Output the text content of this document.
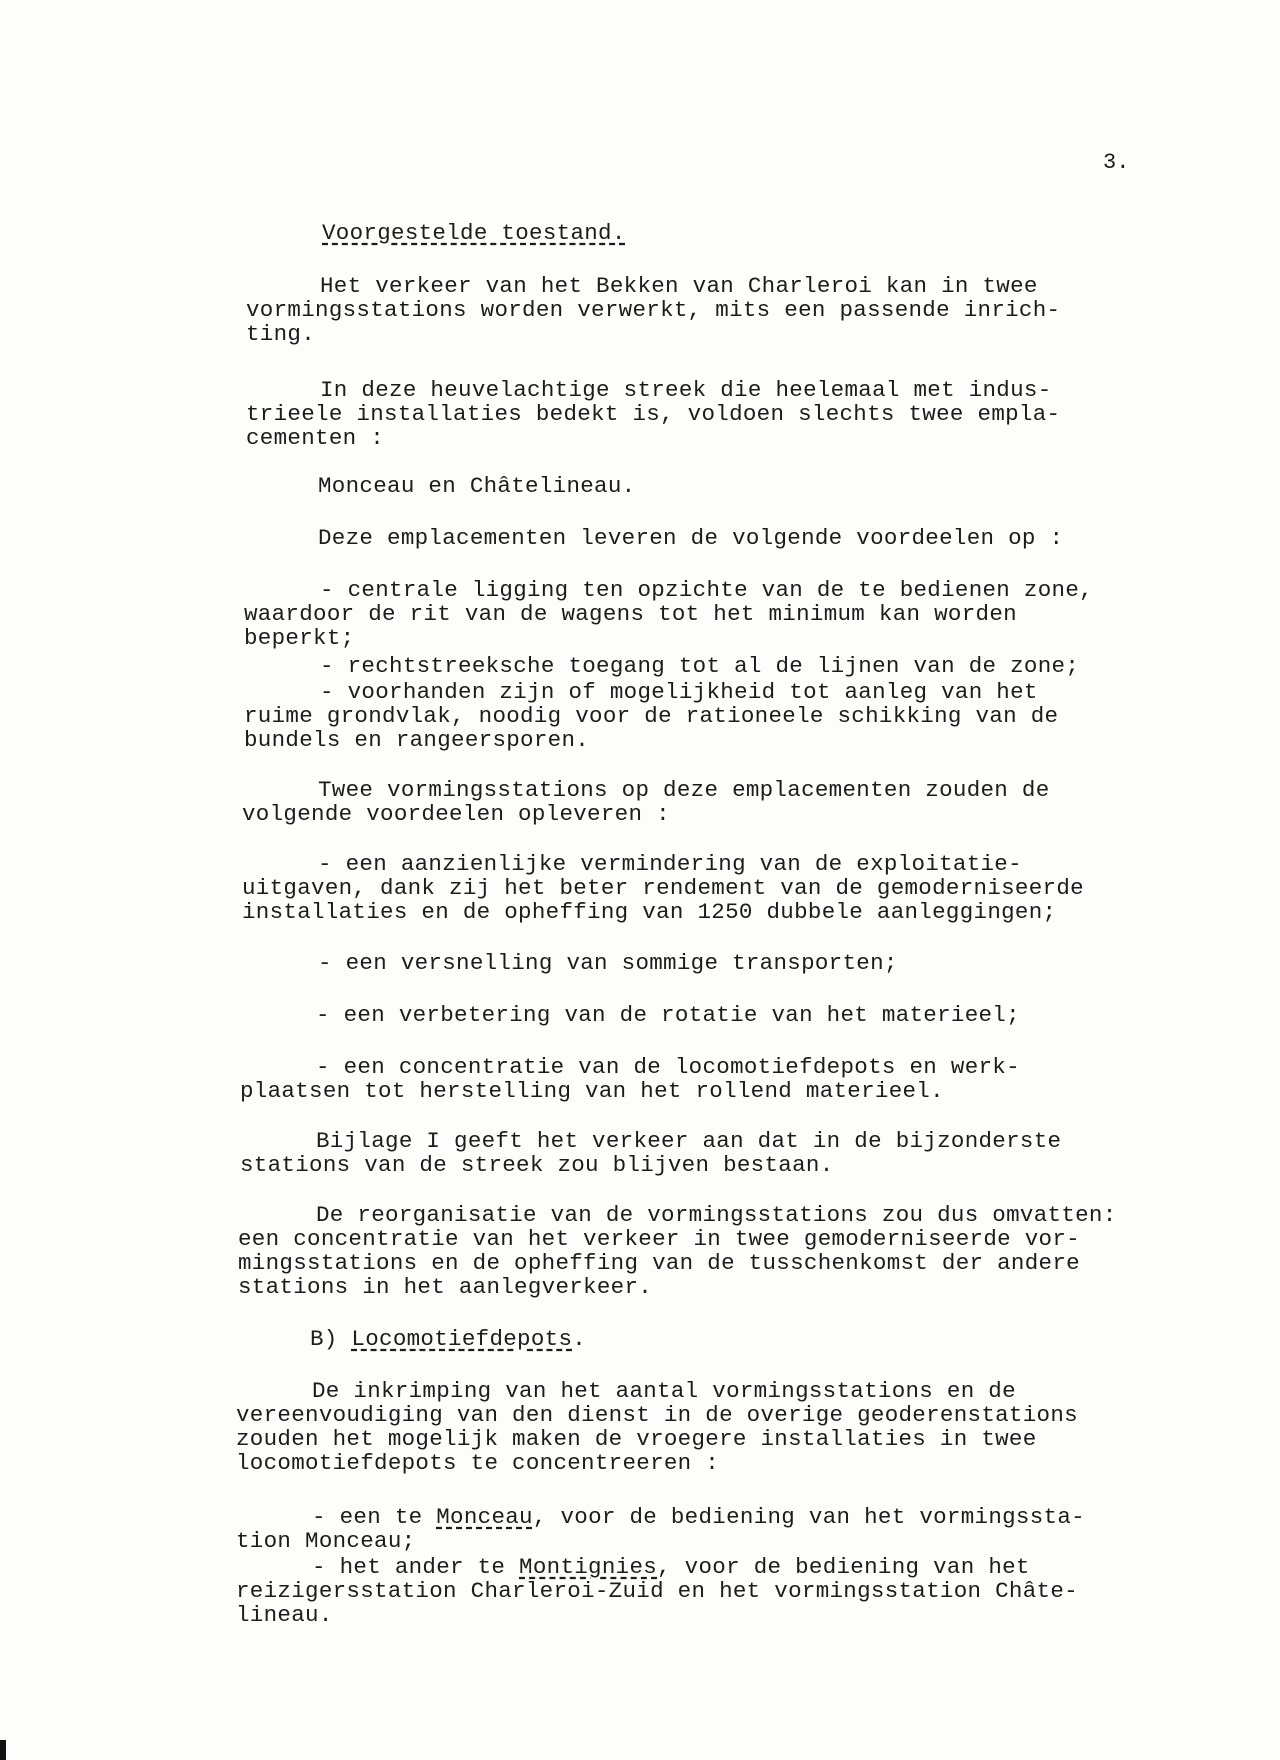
3.
Voorgestelde toestand.
Het verkeer van het Bekken van Charleroi kan in twee
vormingsstations worden verwerkt, mits een passende inrich-
ting.
In deze heuvelachtige streek die heelemaal met indus-
trieele installaties bedekt is, voldoen slechts twee empla-
cementen :
Monceau en Châtelineau.
Deze emplacementen leveren de volgende voordeelen op :
- centrale ligging ten opzichte van de te bedienen zone,
waardoor de rit van de wagens tot het minimum kan worden
beperkt;
- rechtstreeksche toegang tot al de lijnen van de zone;
- voorhanden zijn of mogelijkheid tot aanleg van het
ruime grondvlak, noodig voor de rationeele schikking van de
bundels en rangeersporen.
Twee vormingsstations op deze emplacementen zouden de
volgende voordeelen opleveren :
- een aanzienlijke vermindering van de exploitatie-
uitgaven, dank zij het beter rendement van de gemoderniseerde
installaties en de opheffing van 1250 dubbele aanleggingen;
- een versnelling van sommige transporten;
- een verbetering van de rotatie van het materieel;
- een concentratie van de locomotiefdepots en werk-
plaatsen tot herstelling van het rollend materieel.
Bijlage I geeft het verkeer aan dat in de bijzonderste
stations van de streek zou blijven bestaan.
De reorganisatie van de vormingsstations zou dus omvatten:
een concentratie van het verkeer in twee gemoderniseerde vor-
mingsstations en de opheffing van de tusschenkomst der andere
stations in het aanlegverkeer.
B) Locomotiefdepots.
De inkrimping van het aantal vormingsstations en de
vereenvoudiging van den dienst in de overige geoderenstations
zouden het mogelijk maken de vroegere installaties in twee
locomotiefdepots te concentreeren :
- een te Monceau, voor de bediening van het vormingssta-
tion Monceau;
- het ander te Montignies, voor de bediening van het
reizigersstation Charleroi-Zuid en het vormingsstation Châte-
lineau.
